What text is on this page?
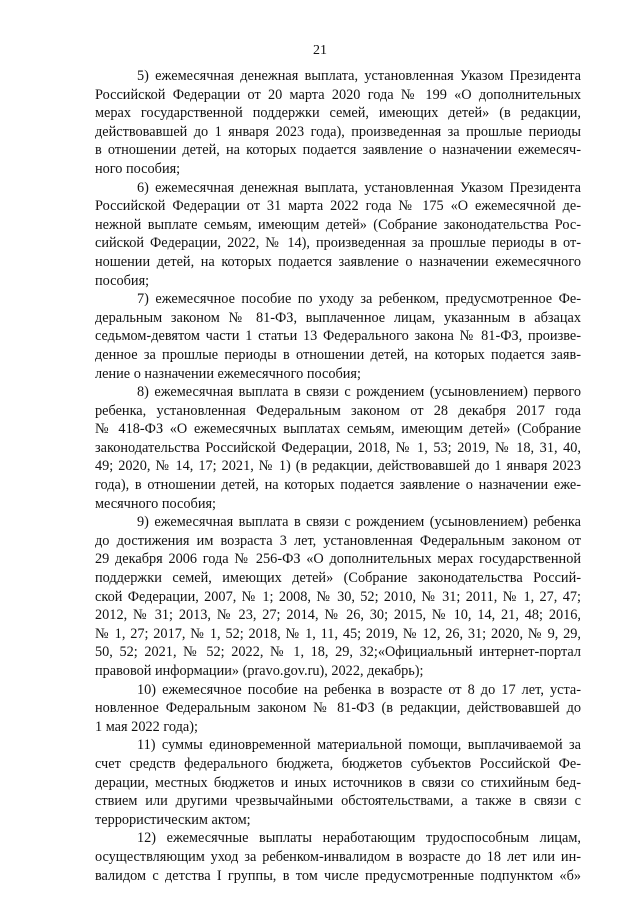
21

5) ежемесячная денежная выплата, установленная Указом Президента
Российской Федерации от 20 марта 2020 года № 199 «О дополнительных
мерах государственной поддержки семей, имеющих детей» (в редакции,
действовавшей до 1 января 2023 года), произведенная за прошлые периоды
в отношении детей, на которых подается заявление о назначении ежемесяч-
ного пособия;

6) ежемесячная денежная выплата, установленная Указом Президента
Российской Федерации от 31 марта 2022 года № 175 «О ежемесячной де-
нежной выплате семьям, имеющим детей» (Собрание законодательства Рос-
сийской Федерации, 2022, № 14), произведенная за прошлые периоды в от-
ношении детей, на которых подается заявление о назначении ежемесячного
пособия;

7) ежемесячное пособие по уходу за ребенком, предусмотренное Фе-
деральным законом № 81-ФЗ, выплаченное лицам, указанным в абзацах
седьмом-девятом части 1 статьи 13 Федерального закона № 81-ФЗ, произве-
денное за прошлые периоды в отношении детей, на которых подается заяв-
ление о назначении ежемесячного пособия;

8) ежемесячная выплата в связи с рождением (усыновлением) первого
ребенка, установленная Федеральным законом от 28 декабря 2017 года
№ 418-ФЗ «О ежемесячных выплатах семьям, имеющим детей» (Собрание
законодательства Российской Федерации, 2018, № 1, 53; 2019, № 18, 31, 40,
49; 2020, № 14, 17; 2021, № 1) (в редакции, действовавшей до 1 января 2023
года), в отношении детей, на которых подается заявление о назначении еже-
месячного пособия;

9) ежемесячная выплата в связи с рождением (усыновлением) ребенка
до достижения им возраста 3 лет, установленная Федеральным законом от
29 декабря 2006 года № 256-ФЗ «О дополнительных мерах государственной
поддержки семей, имеющих детей» (Собрание законодательства Россий-
ской Федерации, 2007, № 1; 2008, № 30, 52; 2010, № 31; 2011, № 1, 27, 47;
2012, № 31; 2013, № 23, 27; 2014, № 26, 30; 2015, № 10, 14, 21, 48; 2016,
№ 1, 27; 2017, № 1, 52; 2018, № 1, 11, 45; 2019, № 12, 26, 31; 2020, № 9, 29,
50, 52; 2021, № 52; 2022, № 1, 18, 29, 32;«Официальный интернет-портал
правовой информации» (pravo.gov.ru), 2022, декабрь);

10) ежемесячное пособие на ребенка в возрасте от 8 до 17 лет, уста-
новленное Федеральным законом № 81-ФЗ (в редакции, действовавшей до
1 мая 2022 года);

11) суммы единовременной материальной помощи, выплачиваемой за
счет средств федерального бюджета, бюджетов субъектов Российской Фе-
дерации, местных бюджетов и иных источников в связи со стихийным бед-
ствием или другими чрезвычайными обстоятельствами, а также в связи с
террористическим актом;

12) ежемесячные выплаты неработающим трудоспособным лицам,
осуществляющим уход за ребенком-инвалидом в возрасте до 18 лет или ин-
валидом с детства I группы, в том числе предусмотренные подпунктом «б»
